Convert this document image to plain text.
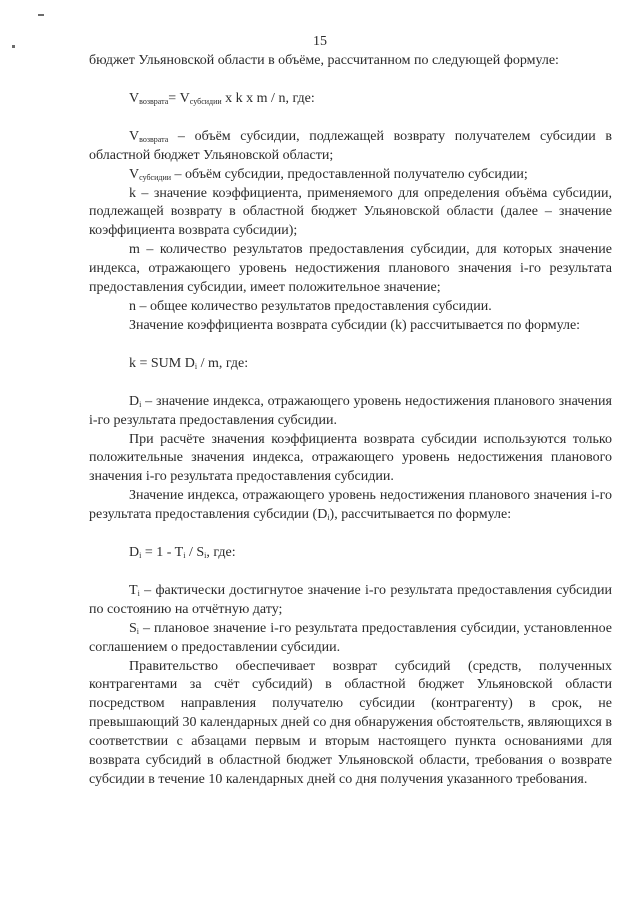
15

бюджет Ульяновской области в объёме, рассчитанном по следующей формуле:

$V_{возврата}= V_{субсидии}$ x k x m / n, где:

$V_{возврата}$ – объём субсидии, подлежащей возврату получателем субсидии в областной бюджет Ульяновской области;

$V_{субсидии}$ – объём субсидии, предоставленной получателю субсидии;

k – значение коэффициента, применяемого для определения объёма субсидии, подлежащей возврату в областной бюджет Ульяновской области (далее – значение коэффициента возврата субсидии);

m – количество результатов предоставления субсидии, для которых значение индекса, отражающего уровень недостижения планового значения i-го результата предоставления субсидии, имеет положительное значение;

n – общее количество результатов предоставления субсидии.

Значение коэффициента возврата субсидии (k) рассчитывается по формуле:

k = SUM $D_i$ / m, где:

$D_i$ – значение индекса, отражающего уровень недостижения планового значения i-го результата предоставления субсидии.

При расчёте значения коэффициента возврата субсидии используются только положительные значения индекса, отражающего уровень недостижения планового значения i-го результата предоставления субсидии.

Значение индекса, отражающего уровень недостижения планового значения i-го результата предоставления субсидии $(D_i)$, рассчитывается по формуле:

$D_i = 1 - T_i / S_i$, где:

$T_i$ – фактически достигнутое значение i-го результата предоставления субсидии по состоянию на отчётную дату;

$S_i$ – плановое значение i-го результата предоставления субсидии, установленное соглашением о предоставлении субсидии.

Правительство обеспечивает возврат субсидий (средств, полученных контрагентами за счёт субсидий) в областной бюджет Ульяновской области посредством направления получателю субсидии (контрагенту) в срок, не превышающий 30 календарных дней со дня обнаружения обстоятельств, являющихся в соответствии с абзацами первым и вторым настоящего пункта основаниями для возврата субсидий в областной бюджет Ульяновской области, требования о возврате субсидии в течение 10 календарных дней со дня получения указанного требования.
